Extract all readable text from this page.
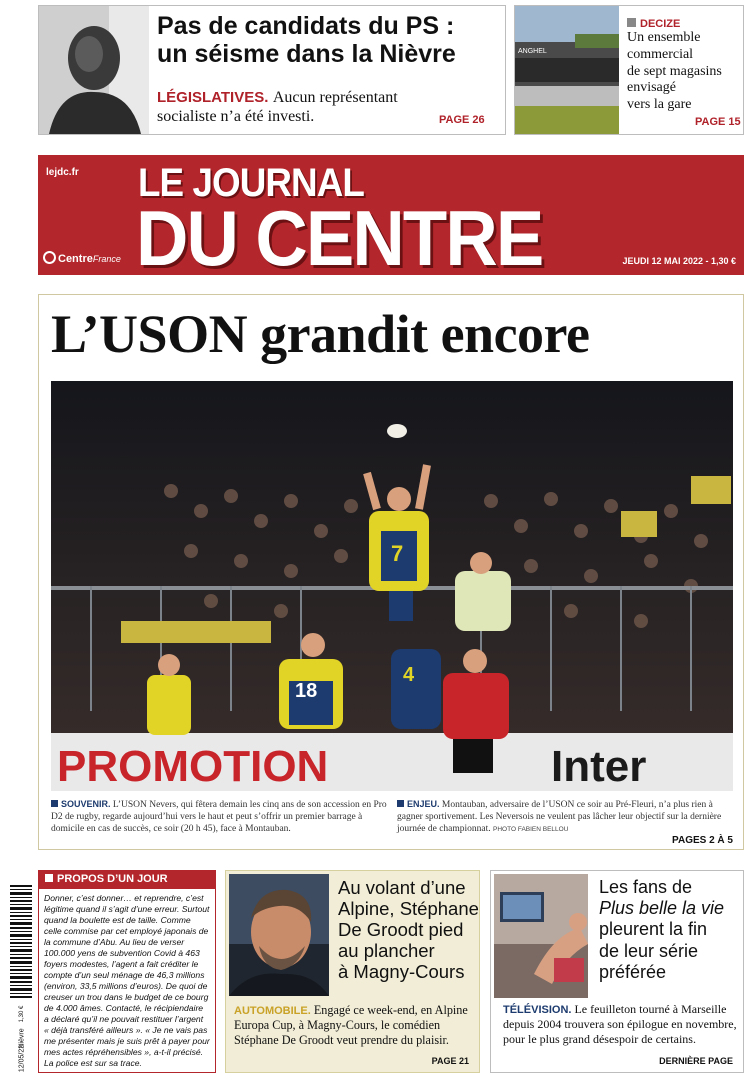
Pas de candidats du PS :
un séisme dans la Nièvre
LÉGISLATIVES. Aucun représentant
socialiste n’a été investi.	PAGE 26
ANGHEL
DECIZE
Un ensemble
commercial
de sept magasins
envisagé
vers la gare
PAGE 15
lejdc.fr LE JOURNAL
DU CENTRE
CentreFrance	JEUDI 12 MAI 2022 - 1,30 €
L’USON grandit encore
PROMOTION	Inter
7
18
4
SOUVENIR. L’USON Nevers, qui fêtera demain les cinq ans de son accession en Pro D2 de rugby, regarde aujourd’hui vers le haut et peut s’offrir un premier barrage à domicile en cas de succès, ce soir (20 h 45), face à Montauban.
ENJEU. Montauban, adversaire de l’USON ce soir au Pré-Fleuri, n’a plus rien à gagner sportivement. Les Neversois ne veulent pas lâcher leur objectif sur la dernière journée de championnat. PHOTO FABIEN BELLOU
PAGES 2 À 5
1,30 €
Nièvre
12/05/22
PROPOS D’UN JOUR
Donner, c’est donner… et reprendre, c’est légitime quand il s’agit d’une erreur. Surtout quand la boulette est de taille. Comme celle commise par cet employé japonais de la commune d’Abu. Au lieu de verser 100.000 yens de subvention Covid à 463 foyers modestes, l’agent a fait créditer le compte d’un seul ménage de 46,3 millions (environ, 33,5 millions d’euros). De quoi de creuser un trou dans le budget de ce bourg de 4.000 âmes. Contacté, le récipiendaire a déclaré qu’il ne pouvait restituer l’argent « déjà transféré ailleurs ». « Je ne vais pas me présenter mais je suis prêt à payer pour mes actes répréhensibles », a-t-il précisé. La police est sur sa trace.
Au volant d’une
Alpine, Stéphane
De Groodt pied
au plancher
à Magny-Cours
AUTOMOBILE. Engagé ce week-end, en Alpine Europa Cup, à Magny-Cours, le comédien Stéphane De Groodt veut prendre du plaisir.
PAGE 21
Les fans de
Plus belle la vie
pleurent la fin
de leur série
préférée
TÉLÉVISION. Le feuilleton tourné à Marseille depuis 2004 trouvera son épilogue en novembre, pour le plus grand désespoir de certains.
DERNIÈRE PAGE
